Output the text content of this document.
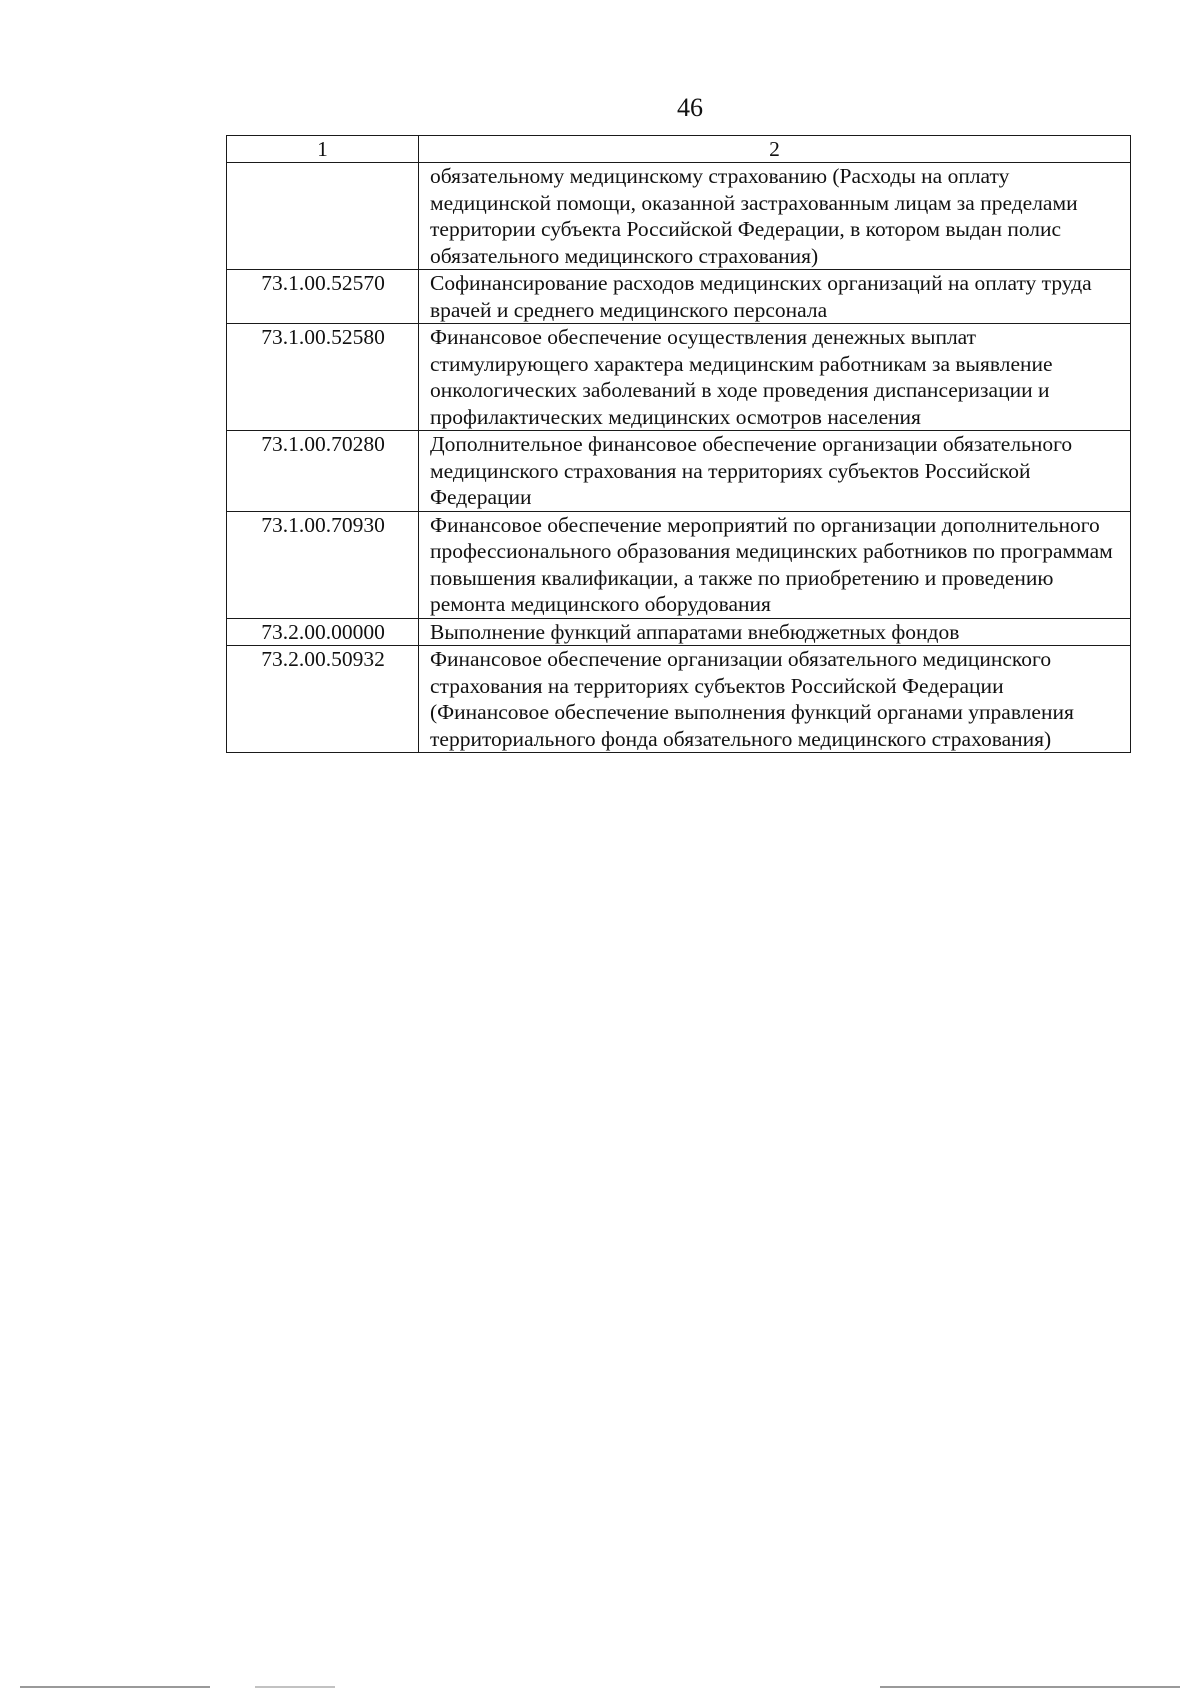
46
1	2
	обязательному медицинскому страхованию (Расходы на оплату медицинской помощи, оказанной застрахованным лицам за пределами территории субъекта Российской Федерации, в котором выдан полис обязательного медицинского страхования)
73.1.00.52570	Софинансирование расходов медицинских организаций на оплату труда врачей и среднего медицинского персонала
73.1.00.52580	Финансовое обеспечение осуществления денежных выплат стимулирующего характера медицинским работникам за выявление онкологических заболеваний в ходе проведения диспансеризации и профилактических медицинских осмотров населения
73.1.00.70280	Дополнительное финансовое обеспечение организации обязательного медицинского страхования на территориях субъектов Российской Федерации
73.1.00.70930	Финансовое обеспечение мероприятий по организации дополнительного профессионального образования медицинских работников по программам повышения квалификации, а также по приобретению и проведению ремонта медицинского оборудования
73.2.00.00000	Выполнение функций аппаратами внебюджетных фондов
73.2.00.50932	Финансовое обеспечение организации обязательного медицинского страхования на территориях субъектов Российской Федерации (Финансовое обеспечение выполнения функций органами управления территориального фонда обязательного медицинского страхования)
